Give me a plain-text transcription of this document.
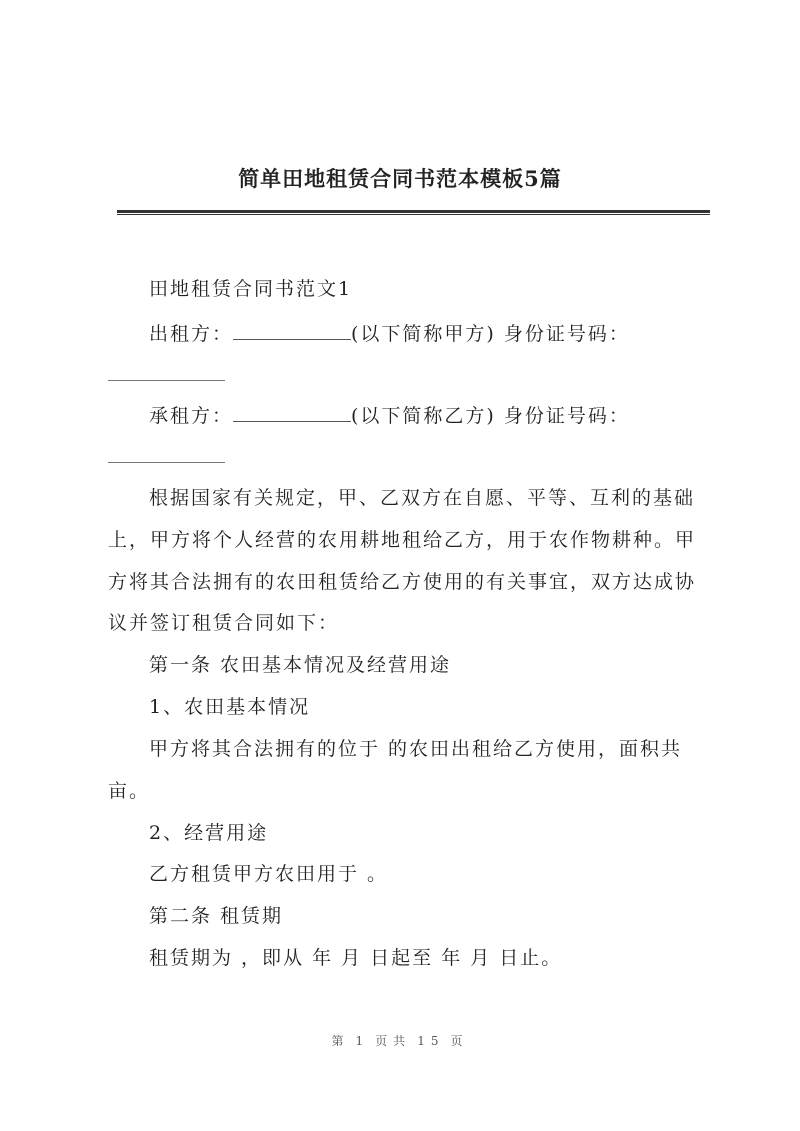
简单田地租赁合同书范本模板5篇
田地租赁合同书范文1
出租方：	(以下简称甲方) 身份证号码：
承租方：	(以下简称乙方) 身份证号码：
根据国家有关规定，甲、乙双方在自愿、平等、互利的基础
上，甲方将个人经营的农用耕地租给乙方，用于农作物耕种。甲
方将其合法拥有的农田租赁给乙方使用的有关事宜，双方达成协
议并签订租赁合同如下：
第一条 农田基本情况及经营用途
1、农田基本情况
甲方将其合法拥有的位于 的农田出租给乙方使用，面积共
亩。
2、经营用途
乙方租赁甲方农田用于 。
第二条 租赁期
租赁期为 ，即从 年 月 日起至 年 月 日止。
第 1 页共 15 页
